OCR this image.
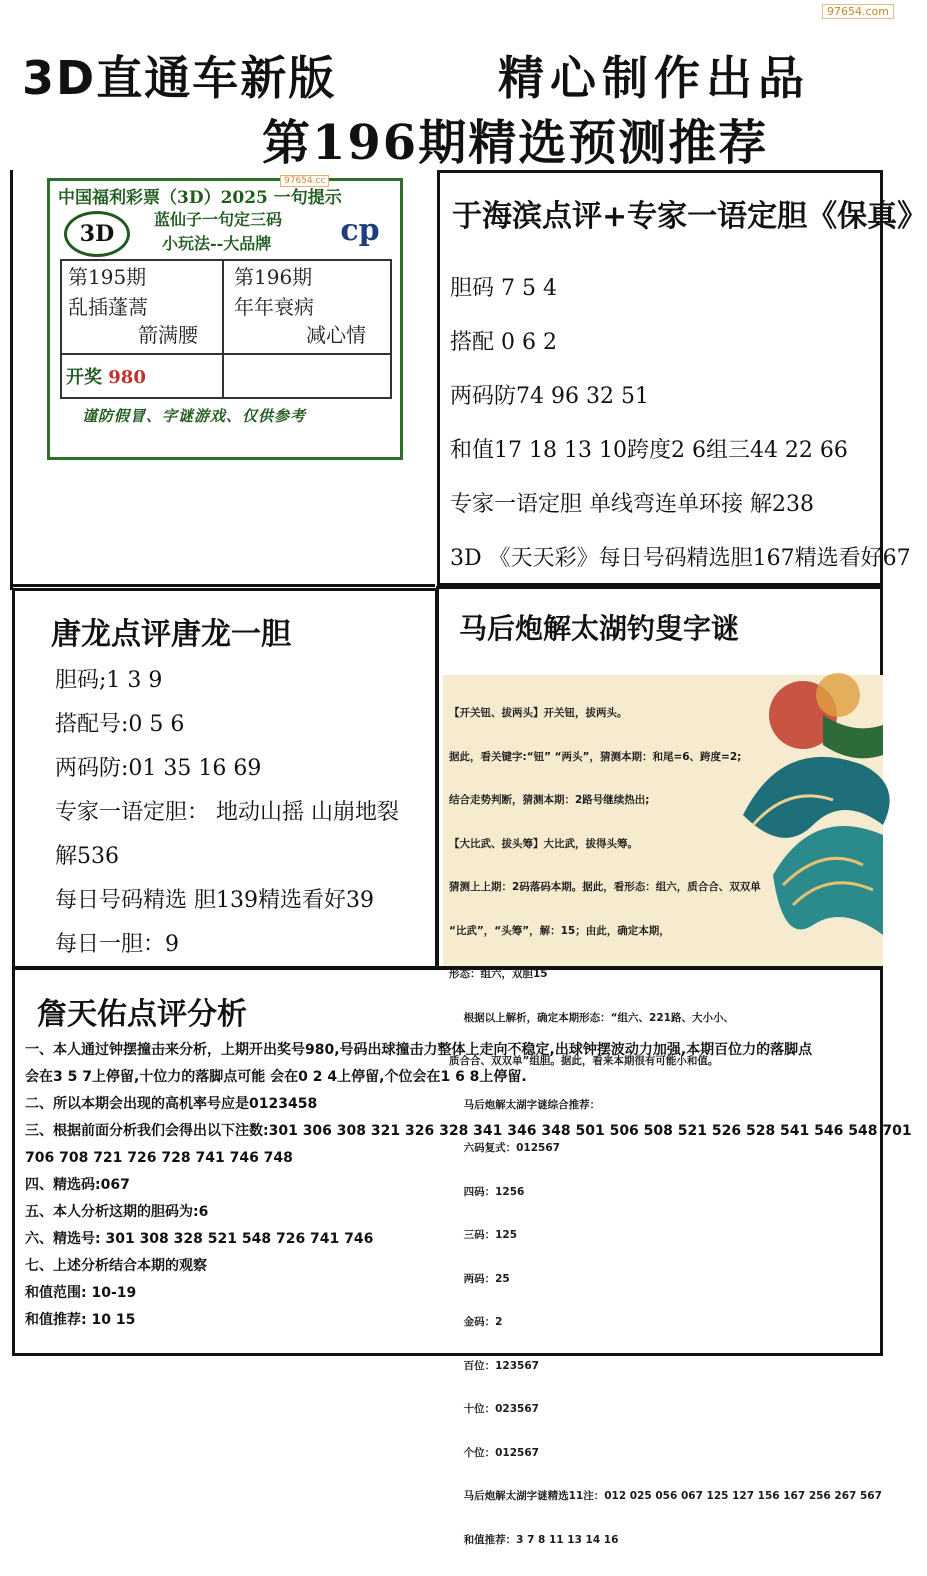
97654.com
3D直通车新版	精心制作出品
第196期精选预测推荐
中国福利彩票（3D）2025 一句提示
97654.cc
3D	cp
蓝仙子一句定三码
小玩法--大品牌
第195期
乱插蓬蒿
箭满腰
第196期
年年衰病
减心情
开奖 980
谨防假冒、字谜游戏、仅供参考
于海滨点评+专家一语定胆《保真》
胆码 7 5 4
搭配 0 6 2
两码防74 96 32 51
和值17 18 13 10跨度2 6组三44 22 66
专家一语定胆 单线弯连单环接 解238
3D 《天天彩》每日号码精选胆167精选看好67
唐龙点评唐龙一胆
胆码;1 3 9
搭配号:0 5 6
两码防:01 35 16 69
专家一语定胆： 地动山摇 山崩地裂
解536
每日号码精选 胆139精选看好39
每日一胆：9
马后炮解太湖钓叟字谜

【开关钮、拔两头】开关钮，拔两头。

据此，看关键字:“钮” “两头”，猜测本期：和尾=6、跨度=2;

结合走势判断，猜测本期：2路号继续热出;

【大比武、拔头筹】大比武，拔得头筹。

猜测上上期：2码落码本期。据此，看形态：组六，质合合、双双单

“比武”，“头筹”，解：15；由此，确定本期，

形态：组六，双胆15

根据以上解析，确定本期形态：“组六、221路、大小小、

质合合、双双单”组胆。据此，看来本期很有可能小和值。

马后炮解太湖字谜综合推荐：

六码复式：012567

四码：1256

三码：125

两码：25

金码：2

百位：123567

十位：023567

个位：012567

马后炮解太湖字谜精选11注：012 025 056 067 125 127 156 167 256 267 567

和值推荐：3 7 8 11 13 14 16

詹天佑点评分析
一、本人通过钟摆撞击来分析，上期开出奖号980,号码出球撞击力整体上走向不稳定,出球钟摆波动力加强,本期百位力的落脚点
会在3 5 7上停留,十位力的落脚点可能 会在0 2 4上停留,个位会在1 6 8上停留.
二、所以本期会出现的高机率号应是0123458
三、根据前面分析我们会得出以下注数:301 306 308 321 326 328 341 346 348 501 506 508 521 526 528 541 546 548 701
706 708 721 726 728 741 746 748
四、精选码:067
五、本人分析这期的胆码为:6
六、精选号: 301 308 328 521 548 726 741 746
七、上述分析结合本期的观察
和值范围: 10-19
和值推荐: 10 15
